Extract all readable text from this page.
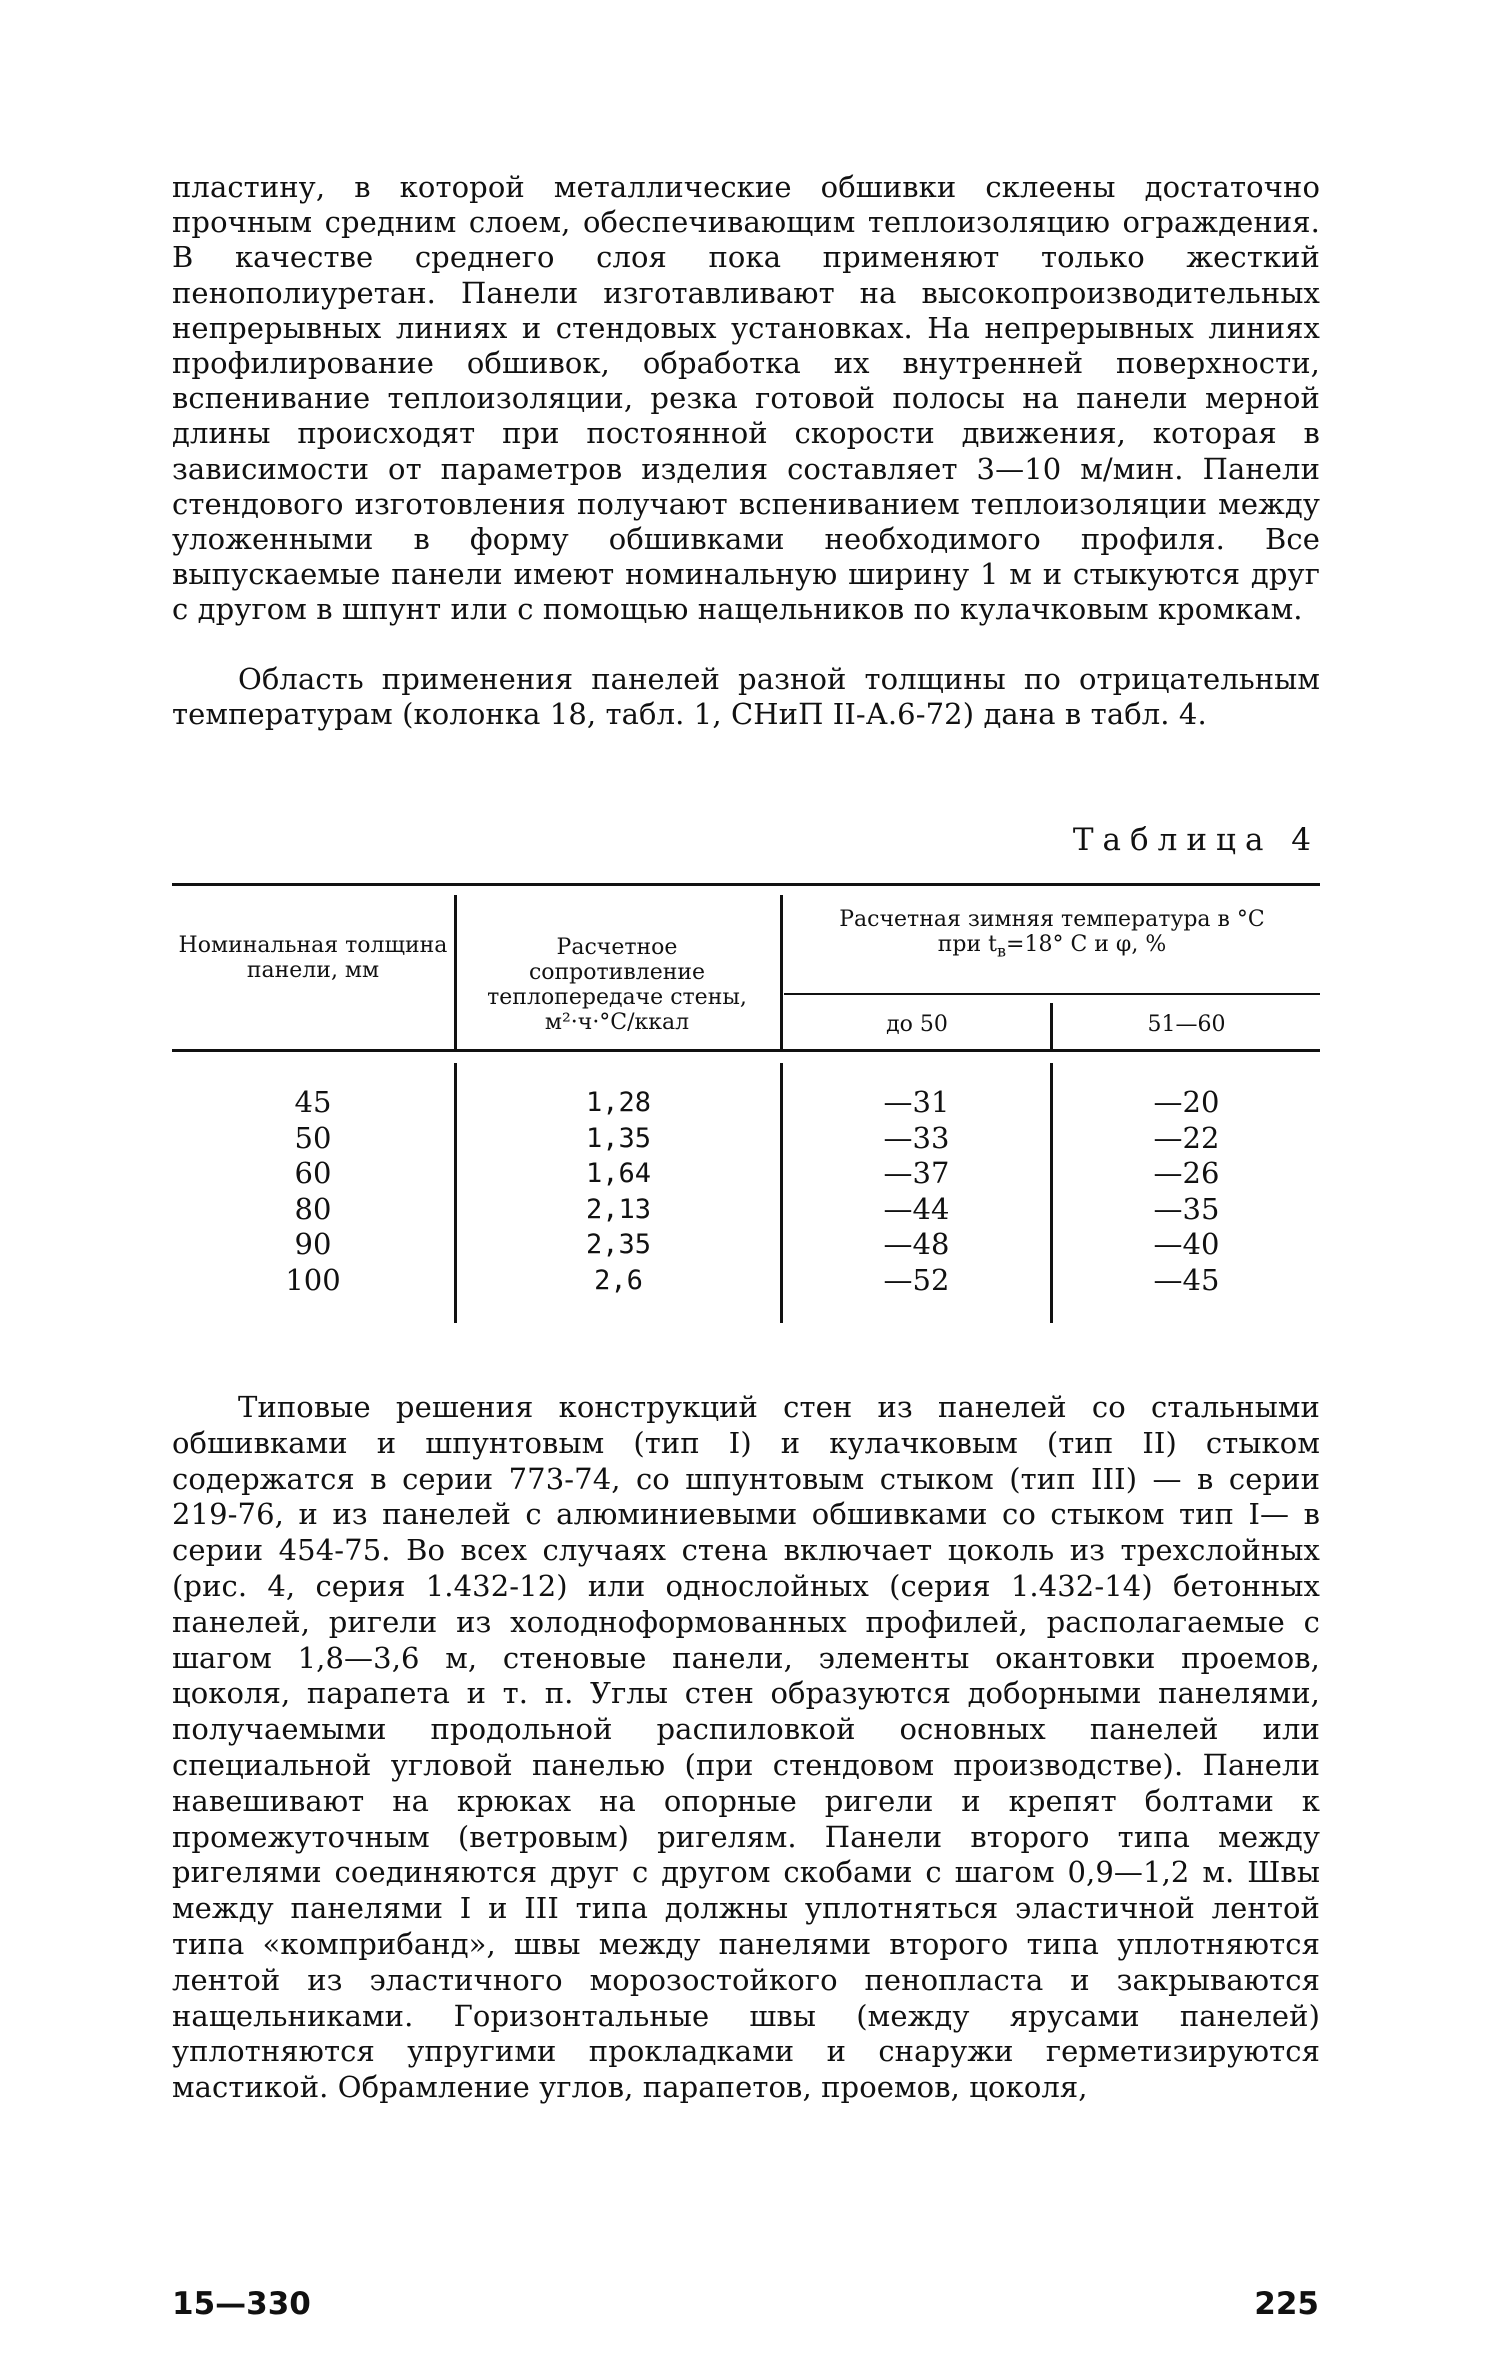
пластину, в которой металлические обшивки склеены достаточно прочным средним слоем, обеспечивающим теплоизоляцию ограждения. В качестве среднего слоя пока применяют только жесткий пенополиуретан. Панели изготавливают на высокопроизводительных непрерывных линиях и стендовых установках. На непрерывных линиях профилирование обшивок, обработка их внутренней поверхности, вспенивание теплоизоляции, резка готовой полосы на панели мерной длины происходят при постоянной скорости движения, которая в зависимости от параметров изделия составляет 3—10 м/мин. Панели стендового изготовления получают вспениванием теплоизоляции между уложенными в форму обшивками необходимого профиля. Все выпускаемые панели имеют номинальную ширину 1 м и стыкуются друг с другом в шпунт или с помощью нащельников по кулачковым кромкам.
Область применения панелей разной толщины по отрицательным температурам (колонка 18, табл. 1, СНиП II-А.6-72) дана в табл. 4.
Таблица 4
Номинальная толщина панели, мм
Расчетное сопротивление теплопередаче стены, м²·ч·°С/ккал
Расчетная зимняя температура в °С
при $t_в=18^\circ$ С и φ, %
до 50	51—60
45
50
60
80
90
100
1,28
1,35
1,64
2,13
2,35
2,6
—31
—33
—37
—44
—48
—52
—20
—22
—26
—35
—40
—45
Типовые решения конструкций стен из панелей со стальными обшивками и шпунтовым (тип I) и кулачковым (тип II) стыком содержатся в серии 773-74, со шпунтовым стыком (тип III) — в серии 219-76, и из панелей с алюминиевыми обшивками со стыком тип I— в серии 454-75. Во всех случаях стена включает цоколь из трехслойных (рис. 4, серия 1.432-12) или однослойных (серия 1.432-14) бетонных панелей, ригели из холодноформованных профилей, располагаемые с шагом 1,8—3,6 м, стеновые панели, элементы окантовки проемов, цоколя, парапета и т. п. Углы стен образуются доборными панелями, получаемыми продольной распиловкой основных панелей или специальной угловой панелью (при стендовом производстве). Панели навешивают на крюках на опорные ригели и крепят болтами к промежуточным (ветровым) ригелям. Панели второго типа между ригелями соединяются друг с другом скобами с шагом 0,9—1,2 м. Швы между панелями I и III типа должны уплотняться эластичной лентой типа «комприбанд», швы между панелями второго типа уплотняются лентой из эластичного морозостойкого пенопласта и закрываются нащельниками. Горизонтальные швы (между ярусами панелей) уплотняются упругими прокладками и снаружи герметизируются мастикой. Обрамление углов, парапетов, проемов, цоколя,
15—330	225
